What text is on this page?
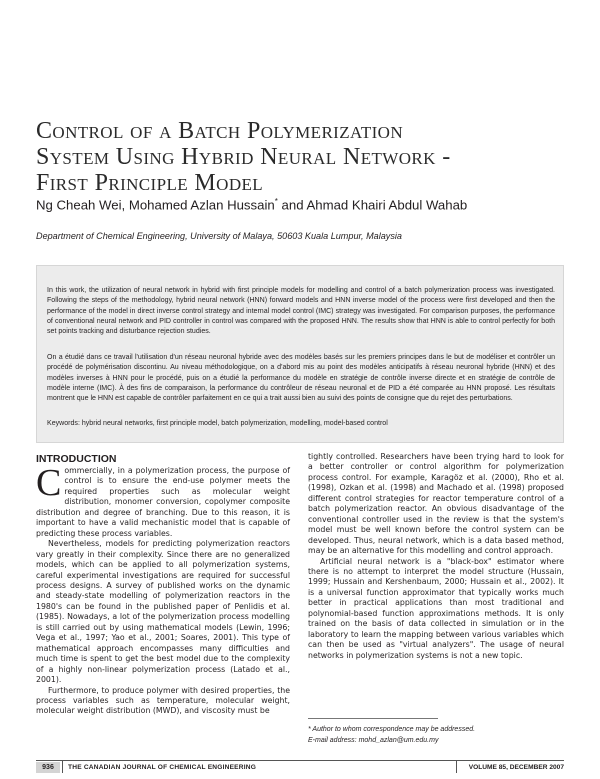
Control of a Batch Polymerization
System Using Hybrid Neural Network -
First Principle Model
Ng Cheah Wei, Mohamed Azlan Hussain* and Ahmad Khairi Abdul Wahab
Department of Chemical Engineering, University of Malaya, 50603 Kuala Lumpur, Malaysia

In this work, the utilization of neural network in hybrid with first principle models for modelling and control of a batch polymerization process was investigated. Following the steps of the methodology, hybrid neural network (HNN) forward models and HNN inverse model of the process were first developed and then the performance of the model in direct inverse control strategy and internal model control (IMC) strategy was investigated. For comparison purposes, the performance of conventional neural network and PID controller in control was compared with the proposed HNN. The results show that HNN is able to control perfectly for both set points tracking and disturbance rejection studies.

On a étudié dans ce travail l'utilisation d'un réseau neuronal hybride avec des modèles basés sur les premiers principes dans le but de modéliser et contrôler un procédé de polymérisation discontinu. Au niveau méthodologique, on a d'abord mis au point des modèles anticipatifs à réseau neuronal hybride (HNN) et des modèles inverses à HNN pour le procédé, puis on a étudié la performance du modèle en stratégie de contrôle inverse directe et en stratégie de contrôle de modèle interne (IMC). À des fins de comparaison, la performance du contrôleur de réseau neuronal et de PID a été comparée au HNN proposé. Les résultats montrent que le HNN est capable de contrôler parfaitement en ce qui a trait aussi bien au suivi des points de consigne que du rejet des perturbations.

Keywords: hybrid neural networks, first principle model, batch polymerization, modelling, model-based control

INTRODUCTION

Commercially, in a polymerization process, the purpose of control is to ensure the end-use polymer meets the required properties such as molecular weight distribution, monomer conversion, copolymer composite distribution and degree of branching. Due to this reason, it is important to have a valid mechanistic model that is capable of predicting these process variables.

Nevertheless, models for predicting polymerization reactors vary greatly in their complexity. Since there are no generalized models, which can be applied to all polymerization systems, careful experimental investigations are required for successful process designs. A survey of published works on the dynamic and steady-state modelling of polymerization reactors in the 1980's can be found in the published paper of Penlidis et al. (1985). Nowadays, a lot of the polymerization process modelling is still carried out by using mathematical models (Lewin, 1996; Vega et al., 1997; Yao et al., 2001; Soares, 2001). This type of mathematical approach encompasses many difficulties and much time is spent to get the best model due to the complexity of a highly non-linear polymerization process (Latado et al., 2001).

Furthermore, to produce polymer with desired properties, the process variables such as temperature, molecular weight, molecular weight distribution (MWD), and viscosity must be

tightly controlled. Researchers have been trying hard to look for a better controller or control algorithm for polymerization process control. For example, Karagöz et al. (2000), Rho et al. (1998), Ozkan et al. (1998) and Machado et al. (1998) proposed different control strategies for reactor temperature control of a batch polymerization reactor. An obvious disadvantage of the conventional controller used in the review is that the system's model must be well known before the control system can be developed. Thus, neural network, which is a data based method, may be an alternative for this modelling and control approach.

Artificial neural network is a "black-box" estimator where there is no attempt to interpret the model structure (Hussain, 1999; Hussain and Kershenbaum, 2000; Hussain et al., 2002). It is a universal function approximator that typically works much better in practical applications than most traditional and polynomial-based function approximations methods. It is only trained on the basis of data collected in simulation or in the laboratory to learn the mapping between various variables which can then be used as "virtual analyzers". The usage of neural networks in polymerization systems is not a new topic.

* Author to whom correspondence may be addressed.
E-mail address: mohd_azlan@um.edu.my
936	THE CANADIAN JOURNAL OF CHEMICAL ENGINEERING	VOLUME 85, DECEMBER 2007
